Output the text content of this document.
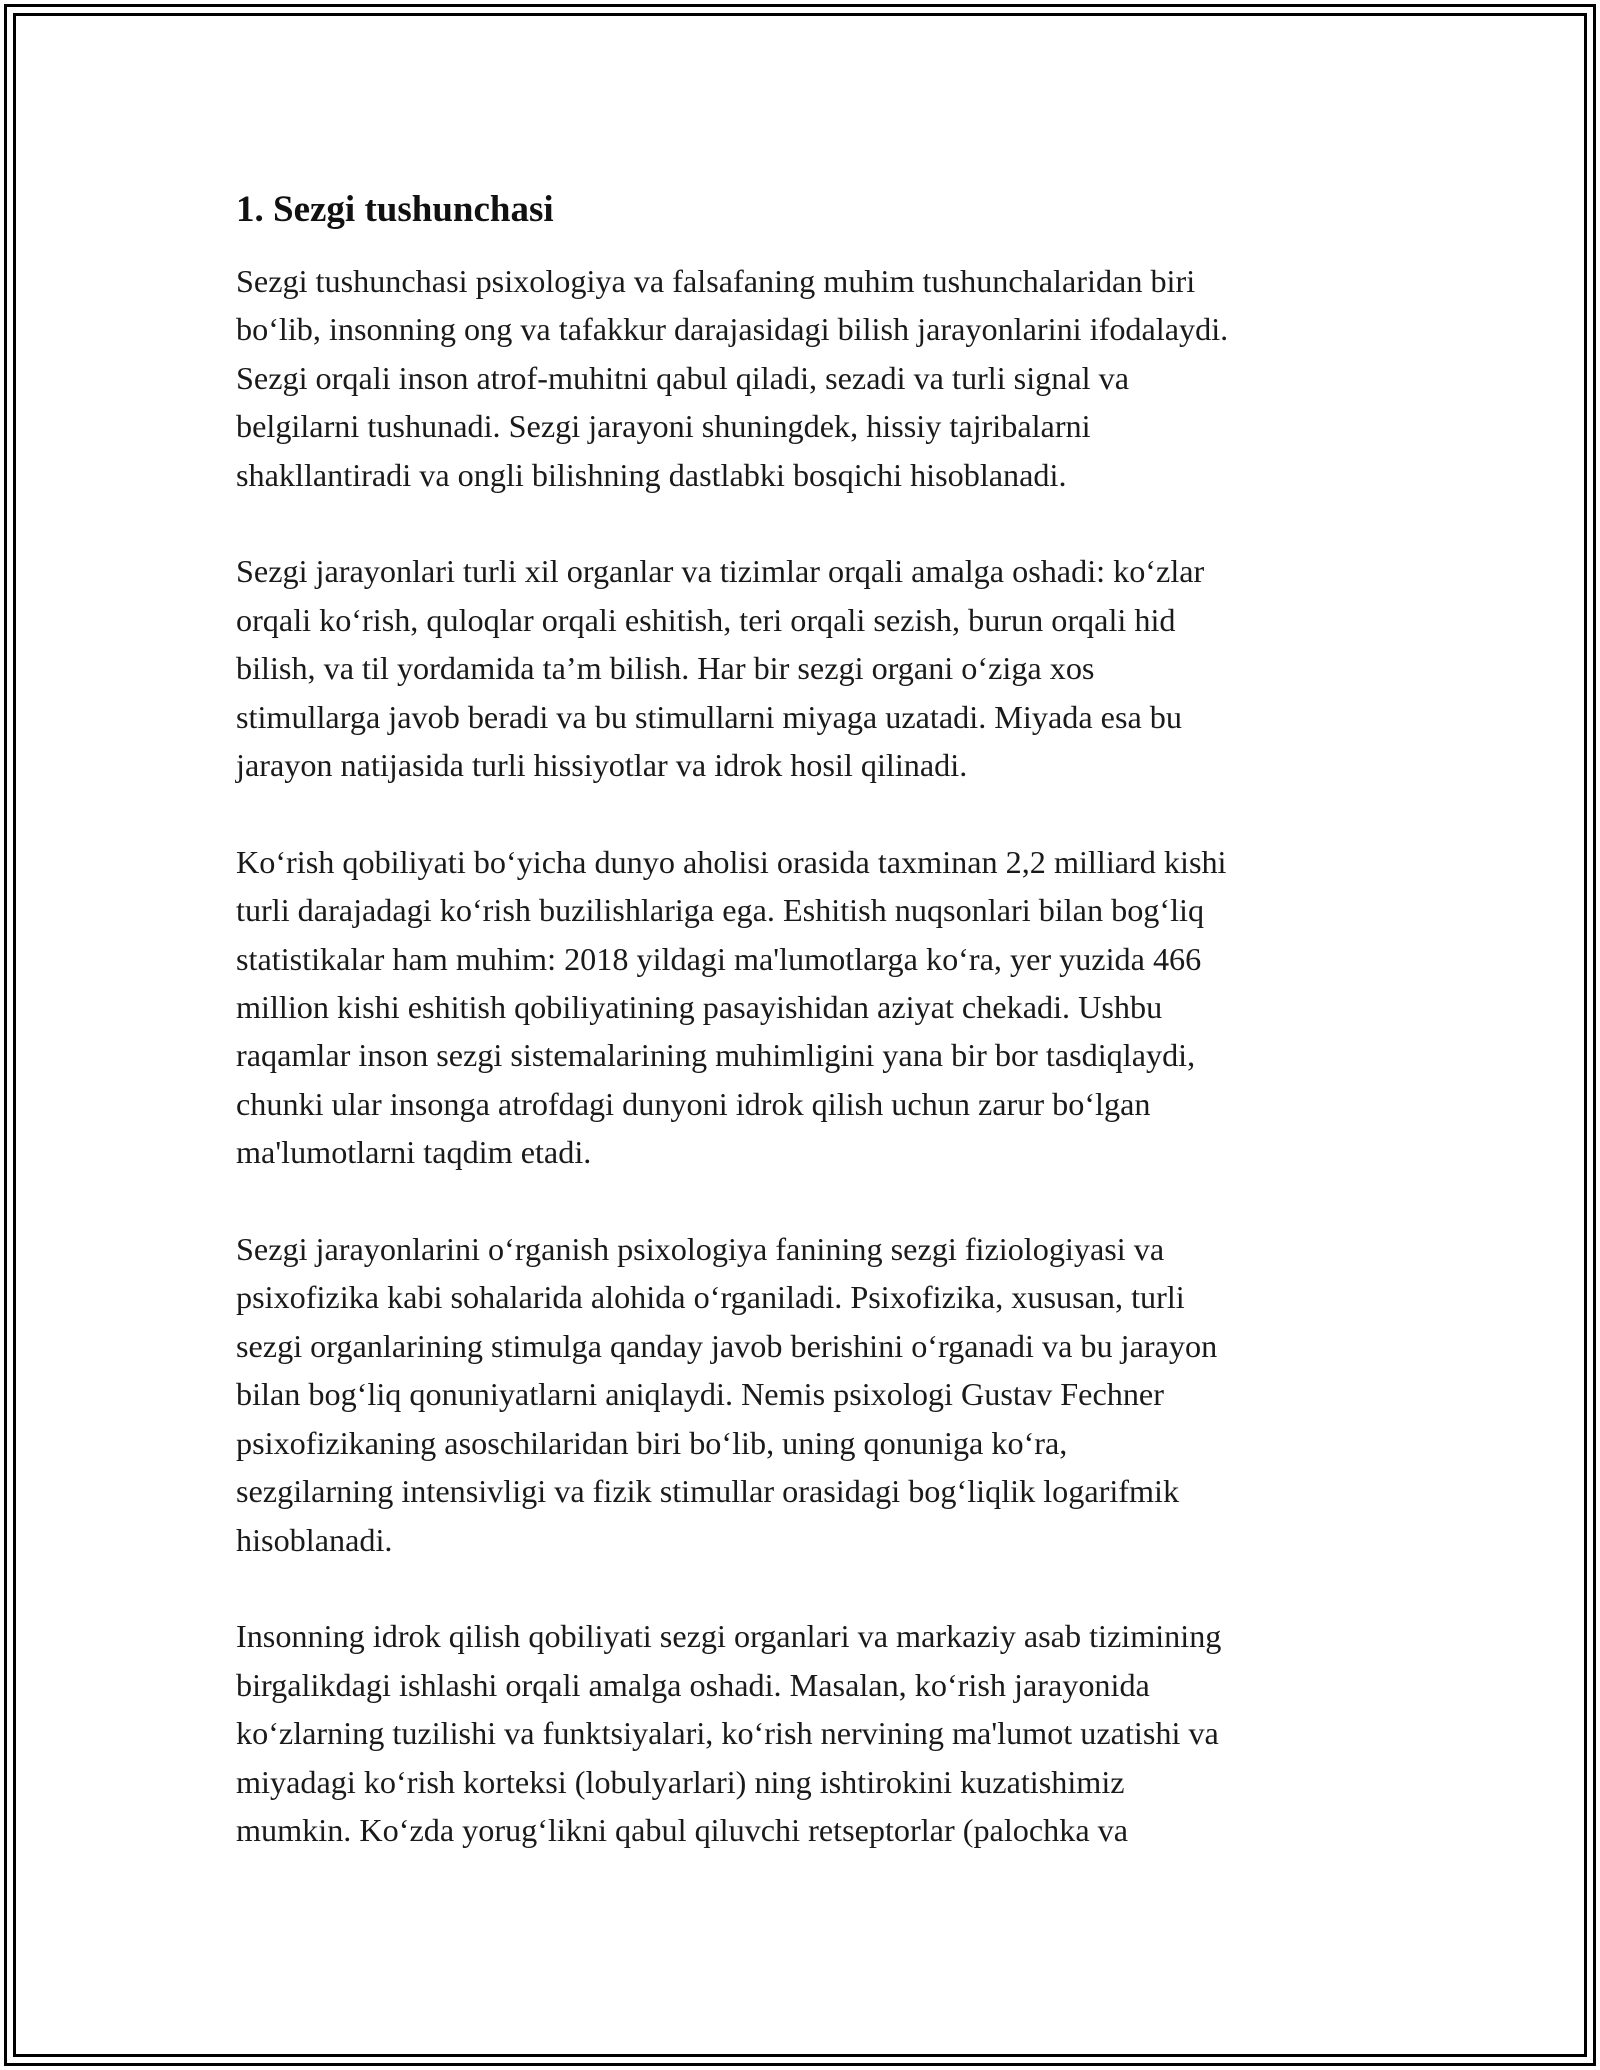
1. Sezgi tushunchasi
Sezgi tushunchasi psixologiya va falsafaning muhim tushunchalaridan biri
bo‘lib, insonning ong va tafakkur darajasidagi bilish jarayonlarini ifodalaydi.
Sezgi orqali inson atrof-muhitni qabul qiladi, sezadi va turli signal va
belgilarni tushunadi. Sezgi jarayoni shuningdek, hissiy tajribalarni
shakllantiradi va ongli bilishning dastlabki bosqichi hisoblanadi.
Sezgi jarayonlari turli xil organlar va tizimlar orqali amalga oshadi: ko‘zlar
orqali ko‘rish, quloqlar orqali eshitish, teri orqali sezish, burun orqali hid
bilish, va til yordamida ta’m bilish. Har bir sezgi organi o‘ziga xos
stimullarga javob beradi va bu stimullarni miyaga uzatadi. Miyada esa bu
jarayon natijasida turli hissiyotlar va idrok hosil qilinadi.
Ko‘rish qobiliyati bo‘yicha dunyo aholisi orasida taxminan 2,2 milliard kishi
turli darajadagi ko‘rish buzilishlariga ega. Eshitish nuqsonlari bilan bog‘liq
statistikalar ham muhim: 2018 yildagi ma'lumotlarga ko‘ra, yer yuzida 466
million kishi eshitish qobiliyatining pasayishidan aziyat chekadi. Ushbu
raqamlar inson sezgi sistemalarining muhimligini yana bir bor tasdiqlaydi,
chunki ular insonga atrofdagi dunyoni idrok qilish uchun zarur bo‘lgan
ma'lumotlarni taqdim etadi.
Sezgi jarayonlarini o‘rganish psixologiya fanining sezgi fiziologiyasi va
psixofizika kabi sohalarida alohida o‘rganiladi. Psixofizika, xususan, turli
sezgi organlarining stimulga qanday javob berishini o‘rganadi va bu jarayon
bilan bog‘liq qonuniyatlarni aniqlaydi. Nemis psixologi Gustav Fechner
psixofizikaning asoschilaridan biri bo‘lib, uning qonuniga ko‘ra,
sezgilarning intensivligi va fizik stimullar orasidagi bog‘liqlik logarifmik
hisoblanadi.
Insonning idrok qilish qobiliyati sezgi organlari va markaziy asab tizimining
birgalikdagi ishlashi orqali amalga oshadi. Masalan, ko‘rish jarayonida
ko‘zlarning tuzilishi va funktsiyalari, ko‘rish nervining ma'lumot uzatishi va
miyadagi ko‘rish korteksi (lobulyarlari) ning ishtirokini kuzatishimiz
mumkin. Ko‘zda yorug‘likni qabul qiluvchi retseptorlar (palochka va
